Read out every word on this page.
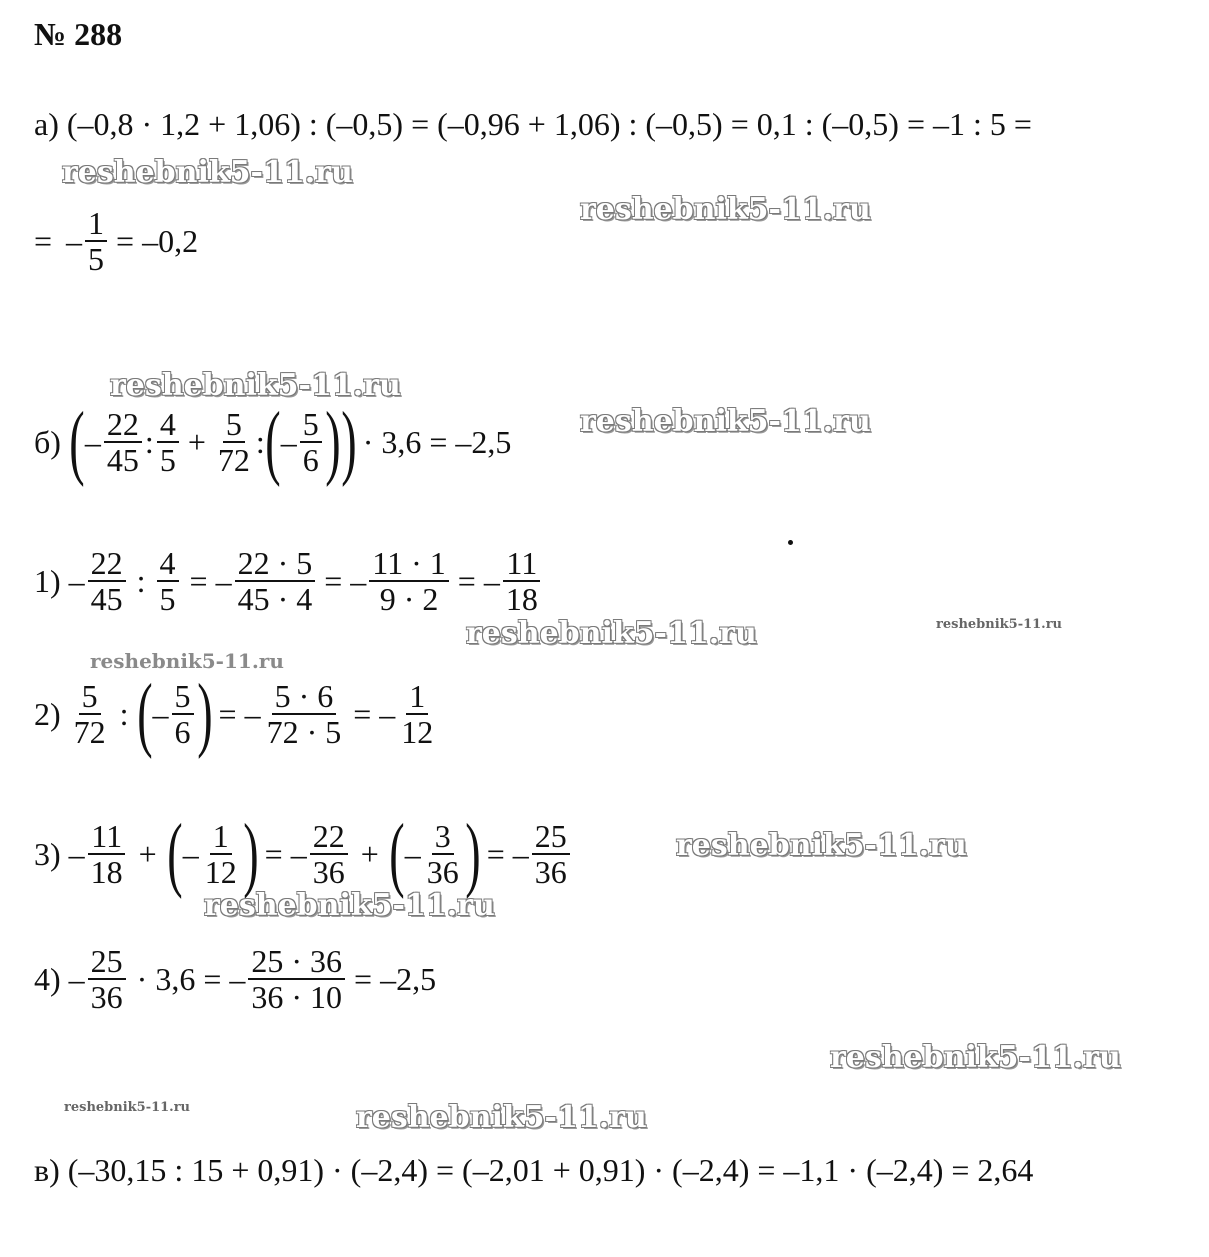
№ 288
а) (–0,8 · 1,2 + 1,06) : (–0,5) = (–0,96 + 1,06) : (–0,5) = 0,1 : (–0,5) = –1 : 5 =
= – $\frac{1}{5} = -0,2$
б) ( – $\frac{22}{45}$ : $\frac{4}{5} + \frac{5}{72}$ : ( – $\frac{5}{6}$ ) ) · 3,6 = –2,5
$1) - \frac{22}{45}$ : $\frac{4}{5}$ = – $\frac{22 \cdot 5}{45 \cdot 4}$ = – $\frac{11 \cdot 1}{9 \cdot 2}$ = – $\frac{11}{18}$
$2) \frac{5}{72}$ : ( – $\frac{5}{6}$ ) = – $\frac{5 \cdot 6}{72 \cdot 5}$ = – $\frac{1}{12}$
$3) - \frac{11}{18}$ + ( – $\frac{1}{12}$ ) = – $\frac{22}{36}$ + ( – $\frac{3}{36}$ ) = – $\frac{25}{36}$
$4) - \frac{25}{36} \cdot 3,6$ = – $\frac{25 \cdot 36}{36 \cdot 10} = -2,5$
в) (–30,15 : 15 + 0,91) · (–2,4) = (–2,01 + 0,91) · (–2,4) = –1,1 · (–2,4) = 2,64
reshebnik5-11.ru
reshebnik5-11.ru
reshebnik5-11.ru
reshebnik5-11.ru
reshebnik5-11.ru	reshebnik5-11.ru
reshebnik5-11.ru
reshebnik5-11.ru
reshebnik5-11.ru
reshebnik5-11.ru
reshebnik5-11.ru	reshebnik5-11.ru
